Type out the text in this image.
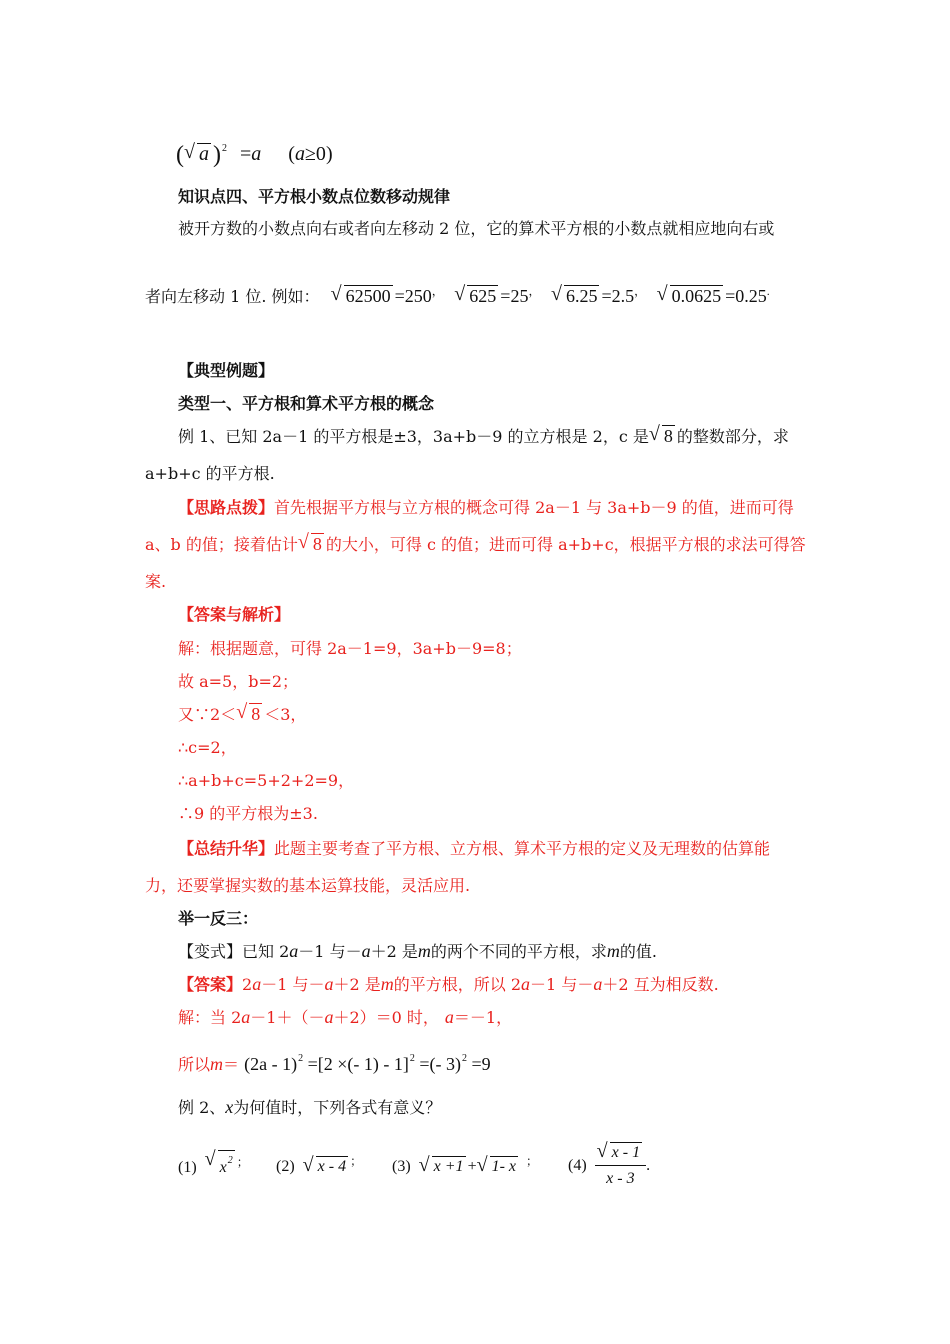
( √ a )$^2$ =a (a≥0)
知识点四、平方根小数点位数移动规律
被开方数的小数点向右或者向左移动 2 位，它的算术平方根的小数点就相应地向右或
者向左移动 1 位. 例如： √ 62500 =250， √ 625 =25， √ 6.25 =2.5， √ 0.0625 =0.25.
【典型例题】
类型一、平方根和算术平方根的概念
例 1、已知 2a－1 的平方根是±3，3a+b－9 的立方根是 2，c 是 √ 8 的整数部分，求
a+b+c 的平方根.
【思路点拨】首先根据平方根与立方根的概念可得 2a－1 与 3a+b－9 的值，进而可得
a、b 的值；接着估计 √ 8 的大小，可得 c 的值；进而可得 a+b+c，根据平方根的求法可得答
案.
【答案与解析】
解：根据题意，可得 2a－1=9，3a+b－9=8；
故 a=5，b=2；
又∵2＜ √ 8 ＜3，
∴c=2，
∴a+b+c=5+2+2=9，
∴9 的平方根为±3.
【总结升华】此题主要考查了平方根、立方根、算术平方根的定义及无理数的估算能
力，还要掌握实数的基本运算技能，灵活应用.
举一反三：
【变式】已知 2a－1 与－a＋2 是m的两个不同的平方根，求m的值.
【答案】2a－1 与－a＋2 是m的平方根，所以 2a－1 与－a＋2 互为相反数.
解：当 2a－1＋（－a＋2）＝0 时， a＝－1，
所以m＝ (2a - 1)$^2$ =[2 ×(- 1) - 1]$^2$ =(- 3)$^2$ =9
例 2、x为何值时，下列各式有意义？
(1) √ $x^2$ ； (2) √ x - 4 ； (3) √ x +1 + √ 1- x ； $(4) \frac{√ x - 1}{x - 3}$ .
